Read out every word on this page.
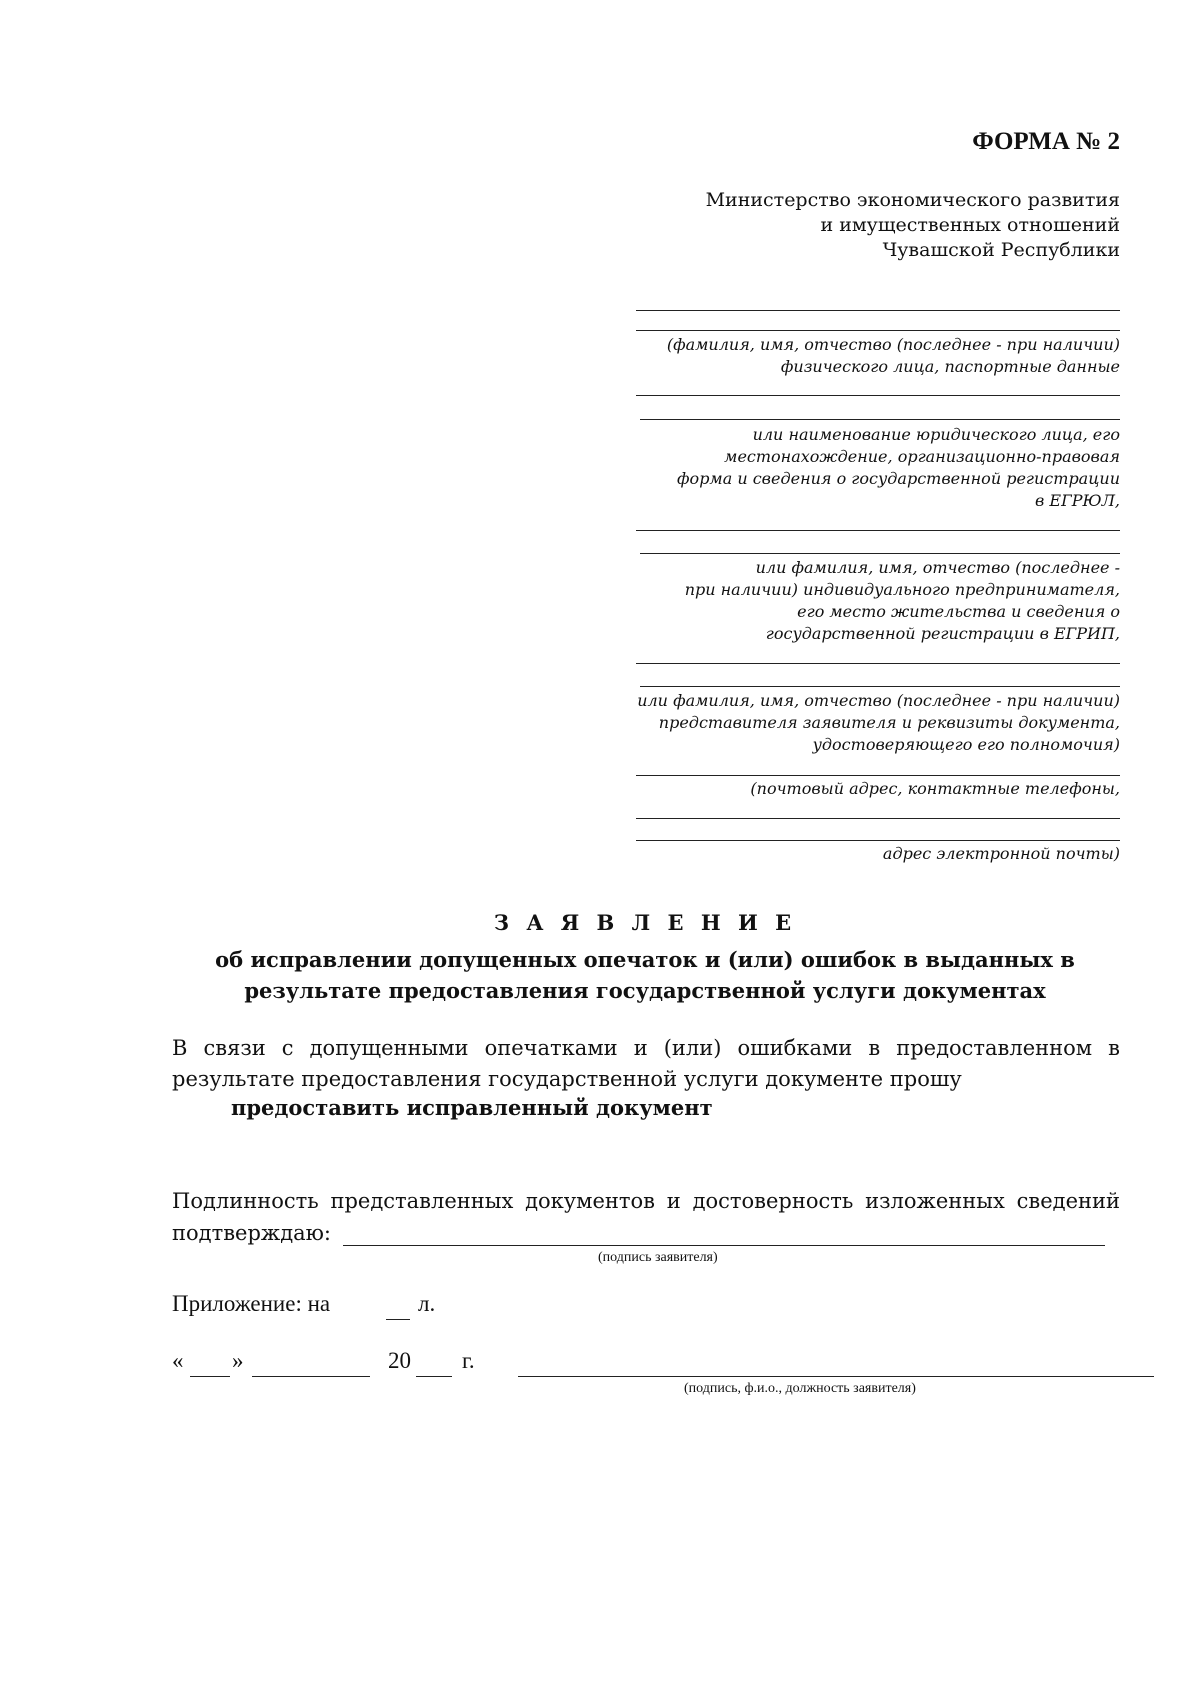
ФОРМА № 2
Министерство экономического развития
и имущественных отношений
Чувашской Республики
(фамилия, имя, отчество (последнее - при наличии)
физического лица, паспортные данные
или наименование юридического лица, его
местонахождение, организационно-правовая
форма и сведения о государственной регистрации
в ЕГРЮЛ,
или фамилия, имя, отчество (последнее -
при наличии) индивидуального предпринимателя,
его место жительства и сведения о
государственной регистрации в ЕГРИП,
или фамилия, имя, отчество (последнее - при наличии)
представителя заявителя и реквизиты документа,
удостоверяющего его полномочия)
(почтовый адрес, контактные телефоны,
адрес электронной почты)
З А Я В Л Е Н И Е
об исправлении допущенных опечаток и (или) ошибок в выданных в
результате предоставления государственной услуги документах
В связи с допущенными опечатками и (или) ошибками в предоставленном в результате предоставления государственной услуги документе прошу
предоставить исправленный документ
Подлинность представленных документов и достоверность изложенных сведений подтверждаю:
(подпись заявителя)
Приложение: на	л.
« »	20 г.
(подпись, ф.и.о., должность заявителя)
